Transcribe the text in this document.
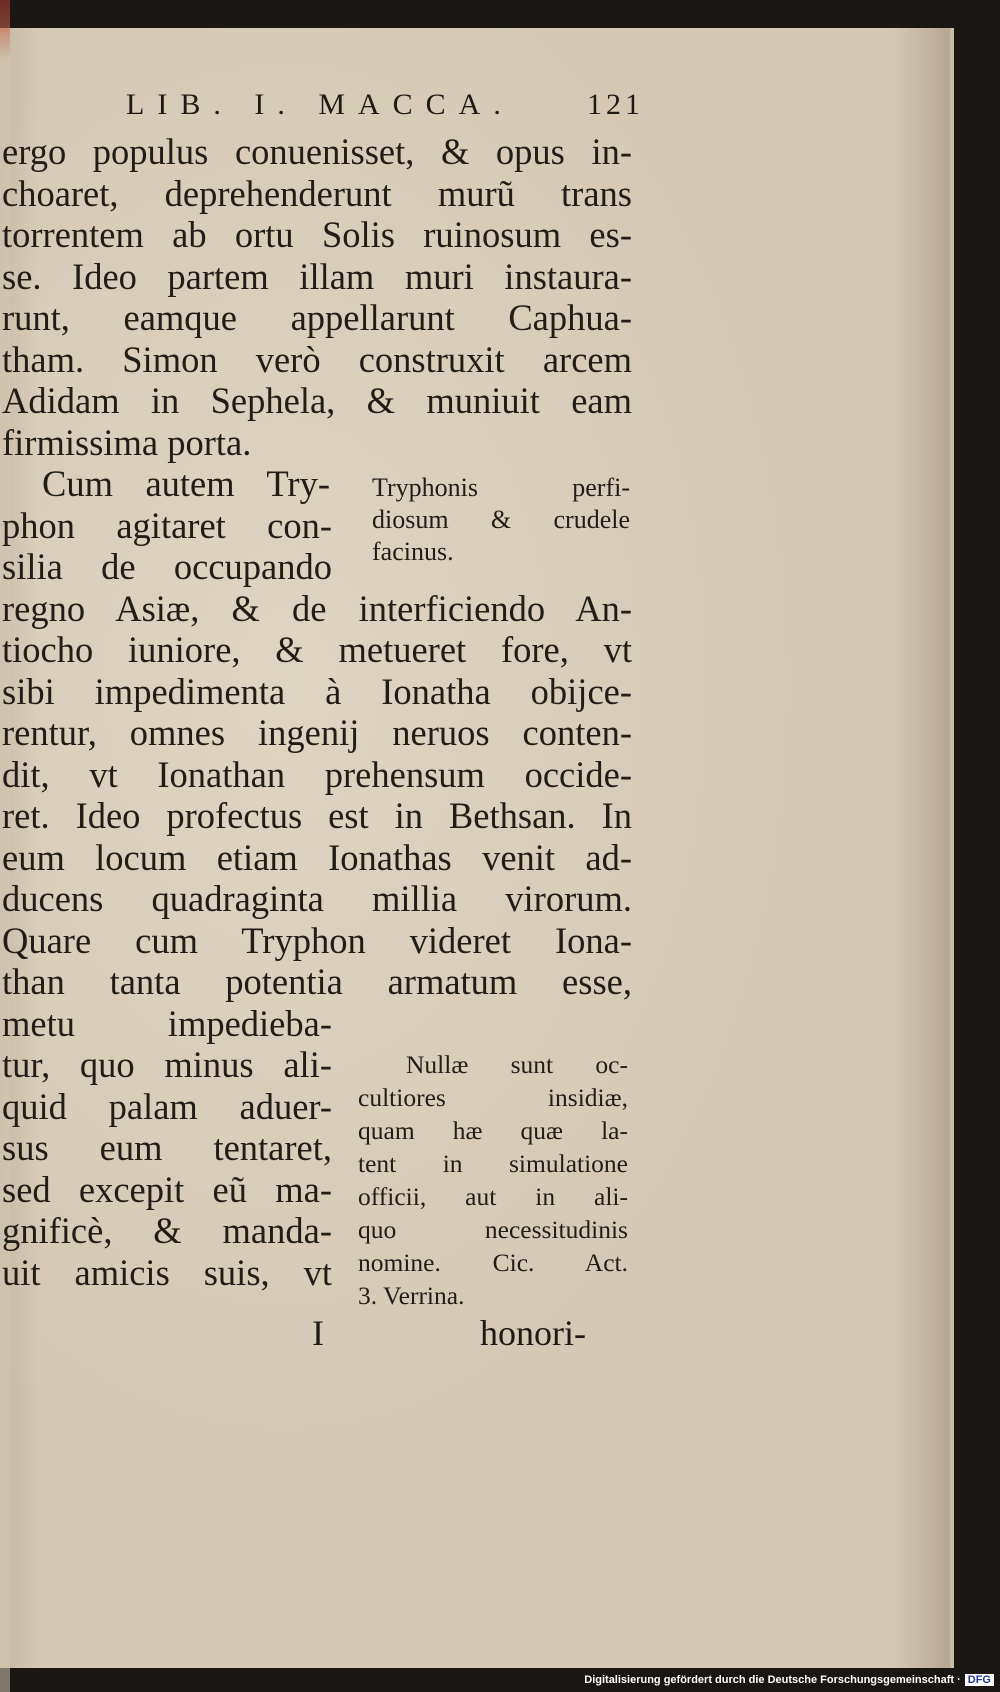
LIB. I. MACCA. 121
ergo populus conuenisset, & opus in-
choaret, deprehenderunt murũ trans
torrentem ab ortu Solis ruinosum es-
se. Ideo partem illam muri instaura-
runt, eamque appellarunt Caphua-
tham. Simon verò construxit arcem
Adidam in Sephela, & muniuit eam
firmissima porta.
Cum autem Try-
phon agitaret con-
silia de occupando
regno Asiæ, & de interficiendo An-
tiocho iuniore, & metueret fore, vt
sibi impedimenta à Ionatha obijce-
rentur, omnes ingenij neruos conten-
dit, vt Ionathan prehensum occide-
ret. Ideo profectus est in Bethsan. In
eum locum etiam Ionathas venit ad-
ducens quadraginta millia virorum.
Quare cum Tryphon videret Iona-
than tanta potentia armatum esse,
metu impedieba-
tur, quo minus ali-
quid palam aduer-
sus eum tentaret,
sed excepit eũ ma-
gnificè, & manda-
uit amicis suis, vt
Tryphonis perfi-
diosum & crudele
facinus.
Nullæ sunt oc-
cultiores insidiæ,
quam hæ quæ la-
tent in simulatione
officii, aut in ali-
quo necessitudinis
nomine. Cic. Act.
3. Verrina.
I	honori-
Digitalisierung gefördert durch die Deutsche Forschungsgemeinschaft · DFG
